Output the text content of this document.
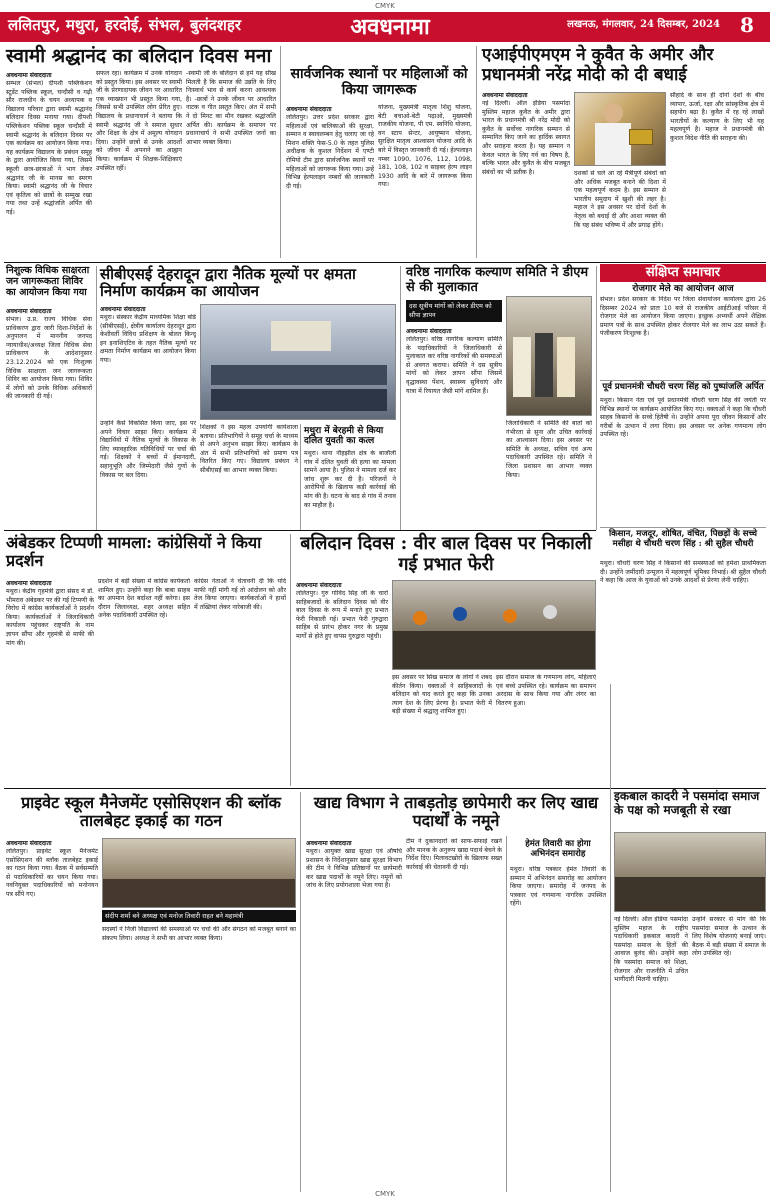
CMYK
ललितपुर, मथुरा, हरदोई, संभल, बुलंदशहर	अवधनामा	लखनऊ, मंगलवार, 24 दिसम्बर, 2024	8
स्वामी श्रद्धानंद का बलिदान दिवस मना
अवधनामा संवाददाता
सम्भल (संभल) दीपशी पब्लिकेशन स्टूडेंट पब्लिक स्कूल, चन्दौसी व गढ़ी सौर राजधीन के चयन अध्यापक व विद्यालय परिवार द्वारा स्वामी श्रद्धानंद बलिदान दिवस मनाया गया। दीपशी पब्लिकेशन पब्लिक स्कूल चन्दौसी में स्वामी श्रद्धानंद के बलिदान दिवस पर एक कार्यक्रम का आयोजन किया गया। यह कार्यक्रम विद्यालय के प्रबंधन समूह के द्वारा आयोजित किया गया, जिसमें स्कूली छात्र-छात्राओं ने भाग लेकर श्रद्धानंद जी के मानस का स्मरण किया। स्वामी श्रद्धानंद जी के विचार एवं कृतित्व को छात्रों के सम्मुख रखा गया तथा उन्हें श्रद्धांजलि अर्पित की गई।
सफल रहा। कार्यक्रम में उनके योगदान को प्रस्तुत किया। इस अवसर पर स्वामी जी के प्रेरणादायक जीवन पर आधारित एक व्याख्यान भी प्रस्तुत किया गया, जिससे सभी उपस्थित लोग प्रेरित हुए। विद्यालय के प्रधानाचार्य ने बताया कि स्वामी श्रद्धानंद जी ने समाज सुधार और शिक्षा के क्षेत्र में अमूल्य योगदान दिया। उन्होंने छात्रों से उनके आदर्शों को जीवन में अपनाने का आह्वान किया। कार्यक्रम में शिक्षक-शिक्षिकाएं उपस्थित रहीं।
-स्वामी जी के बलिदान से हमें यह सीख मिलती है कि समाज की उन्नति के लिए निःस्वार्थ भाव से कार्य करना आवश्यक है। -छात्रों ने उनके जीवन पर आधारित नाटक व गीत प्रस्तुत किए। अंत में सभी ने दो मिनट का मौन रखकर श्रद्धांजलि अर्पित की। कार्यक्रम के समापन पर प्रधानाचार्य ने सभी उपस्थित जनों का आभार व्यक्त किया।
सार्वजनिक स्थानों पर महिलाओं को किया जागरूक
अवधनामा संवाददाता
ललितपुर। उत्तर प्रदेश सरकार द्वारा महिलाओं एवं बालिकाओं की सुरक्षा, सम्मान व स्वावलम्बन हेतु चलाए जा रहे मिशन शक्ति फेस-5.0 के तहत पुलिस अधीक्षक के कुशल निर्देशन में एण्टी रोमियो टीम द्वारा सार्वजनिक स्थानों पर महिलाओं को जागरूक किया गया। उन्हें विभिन्न हेल्पलाइन नम्बरों की जानकारी दी गई।
योजना, मुख्यमंत्री मातृत्व शिशु योजना, बेटी बचाओ-बेटी पढ़ाओ, मुख्यमंत्री राजकीय योजना, पी एम. स्वनिधि योजना, वन स्टाप सेन्टर, आयुष्मान योजना, सुरक्षित मातृत्व आश्वासन योजना आदि के बारे में विस्तृत जानकारी दी गई। हेल्पलाइन नम्बर 1090, 1076, 112, 1098, 181, 108, 102 व साइबर हेल्प लाइन 1930 आदि के बारे में जागरूक किया गया।
एआईपीएमएम ने कुवैत के अमीर और प्रधानमंत्री नरेंद्र मोदी को दी बधाई
अवधनामा संवाददाता
नई दिल्ली। ऑल इंडिया पसमांदा मुस्लिम महाज कुवैत के अमीर द्वारा भारत के प्रधानमंत्री श्री नरेंद्र मोदी को कुवैत के सर्वोच्च नागरिक सम्मान से सम्मानित किए जाने का हार्दिक स्वागत और सराहना करता है। यह सम्मान न केवल भारत के लिए गर्व का विषय है, बल्कि भारत और कुवैत के बीच मजबूत संबंधों का भी प्रतीक है।	दशकों से चले आ रहे मैत्रीपूर्ण संबंधों को और अधिक मजबूत बनाने की दिशा में एक महत्वपूर्ण कदम है। इस सम्मान से भारतीय समुदाय में खुशी की लहर है। महाज ने इस अवसर पर दोनों देशों के नेतृत्व को बधाई दी और आशा व्यक्त की कि यह संबंध भविष्य में और प्रगाढ़ होंगे।
सौहार्द के साथ ही दोनों देशों के बीच व्यापार, ऊर्जा, रक्षा और सांस्कृतिक क्षेत्र में सहयोग बढ़ा है। कुवैत में रह रहे लाखों भारतीयों के कल्याण के लिए भी यह महत्वपूर्ण है। महाज ने प्रधानमंत्री की कुशल विदेश नीति की सराहना की।
निशुल्क विधिक साक्षरता जन जागरूकता शिविर का आयोजन किया गया
अवधनामा संवाददाता
संभल। उ.प्र. राज्य विधिक सेवा प्राधिकरण द्वारा जारी दिशा-निर्देशों के अनुपालन में माननीय जनपद न्यायाधीश/अध्यक्ष जिला विधिक सेवा प्राधिकरण के आदेशानुसार 23.12.2024 को एक निःशुल्क विधिक साक्षरता जन जागरूकता शिविर का आयोजन किया गया। शिविर में लोगों को उनके विधिक अधिकारों की जानकारी दी गई।
सीबीएसई देहरादून द्वारा नैतिक मूल्यों पर क्षमता निर्माण कार्यक्रम का आयोजन
अवधनामा संवाददाता
मथुरा। संस्कार केंद्रीय माध्यमिक शिक्षा बोर्ड (सीबीएसई), क्षेत्रीय कार्यालय देहरादून द्वारा केशीवर्ती विविध प्रशिक्षण के बोलत किन्दू इन इनाशिएटिव के तहत नैतिक मूल्यों पर क्षमता निर्माण कार्यक्रम का आयोजन किया गया।
उन्होंने कैसे विकसित किया जाए, इस पर अपने विचार साझा किए। कार्यक्रम में विद्यार्थियों में नैतिक मूल्यों के विकास के लिए व्यावहारिक गतिविधियों पर चर्चा की गई। शिक्षकों ने बच्चों में ईमानदारी, सहानुभूति और जिम्मेदारी जैसे गुणों के विकास पर बल दिया।
शिक्षकों ने इस महत्व उपयोगी कार्यशाला बताया। प्रतिभागियों ने समूह चर्चा के माध्यम से अपने अनुभव साझा किए। कार्यक्रम के अंत में सभी प्रतिभागियों को प्रमाण पत्र वितरित किए गए। विद्यालय प्रबंधन ने सीबीएसई का आभार व्यक्त किया।
मथुरा में बेरहमी से किया दलित युवती का कत्ल
मथुरा। थाना नौहझील क्षेत्र के बाजौली गांव में दलित युवती की हत्या का मामला सामने आया है। पुलिस ने मामला दर्ज कर जांच शुरू कर दी है। परिजनों ने आरोपियों के खिलाफ कड़ी कार्रवाई की मांग की है। घटना के बाद से गांव में तनाव का माहौल है।
वरिष्ठ नागरिक कल्याण समिति ने डीएम से की मुलाकात
दस सूत्रीय मांगों को लेकर डीएम को सौंपा ज्ञापन
अवधनामा संवाददाता
ललितपुर। वरिष्ठ नागरिक कल्याण समिति के पदाधिकारियों ने जिलाधिकारी से मुलाकात कर वरिष्ठ नागरिकों की समस्याओं से अवगत कराया। समिति ने दस सूत्रीय मांगों को लेकर ज्ञापन सौंपा जिसमें वृद्धावस्था पेंशन, स्वास्थ्य सुविधाएं और यात्रा में रियायत जैसी मांगें शामिल हैं।
जिलाधिकारी ने समिति की बातों को गंभीरता से सुना और उचित कार्रवाई का आश्वासन दिया। इस अवसर पर समिति के अध्यक्ष, सचिव एवं अन्य पदाधिकारी उपस्थित रहे। समिति ने जिला प्रशासन का आभार व्यक्त किया।
संक्षिप्त समाचार
रोजगार मेले का आयोजन आज
संभल। प्रदेश सरकार के निर्देश पर जिला सेवायोजन कार्यालय द्वारा 26 दिसम्बर 2024 को प्रातः 10 बजे से राजकीय आईटीआई परिसर में रोजगार मेले का आयोजन किया जाएगा। इच्छुक अभ्यर्थी अपने शैक्षिक प्रमाण पत्रों के साथ उपस्थित होकर रोजगार मेले का लाभ उठा सकते हैं। पंजीकरण निःशुल्क है।
पूर्व प्रधानमंत्री चौधरी चरण सिंह को पुष्पांजलि अर्पित
मथुरा। किसान नेता एवं पूर्व प्रधानमंत्री चौधरी चरण सिंह की जयंती पर विभिन्न स्थानों पर कार्यक्रम आयोजित किए गए। वक्ताओं ने कहा कि चौधरी साहब किसानों के सच्चे हितैषी थे। उन्होंने अपना पूरा जीवन किसानों और गरीबों के उत्थान में लगा दिया। इस अवसर पर अनेक गणमान्य लोग उपस्थित रहे।
किसान, मजदूर, शोषित, वंचित, पिछड़ों के सच्चे मसीहा थे चौधरी चरण सिंह : श्री सुहैल चौधरी
मथुरा। चौधरी चरण सिंह ने किसानों की समस्याओं को हमेशा प्राथमिकता दी। उन्होंने जमींदारी उन्मूलन में महत्वपूर्ण भूमिका निभाई। श्री सुहैल चौधरी ने कहा कि आज के युवाओं को उनके आदर्शों से प्रेरणा लेनी चाहिए।
अंबेडकर टिप्पणी मामला: कांग्रेसियों ने किया प्रदर्शन
अवधनामा संवाददाता
मथुरा। केंद्रीय गृहमंत्री द्वारा संसद में डॉ. भीमराव अंबेडकर पर की गई टिप्पणी के विरोध में कांग्रेस कार्यकर्ताओं ने प्रदर्शन किया। कार्यकर्ताओं ने जिलाधिकारी कार्यालय पहुंचकर राष्ट्रपति के नाम ज्ञापन सौंपा और गृहमंत्री से माफी की मांग की।
प्रदर्शन में बड़ी संख्या में कांग्रेस कार्यकर्ता शामिल हुए। उन्होंने कहा कि बाबा साहब का अपमान देश बर्दाश्त नहीं करेगा। इस दौरान जिलाध्यक्ष, शहर अध्यक्ष सहित अनेक पदाधिकारी उपस्थित रहे।
कांग्रेस नेताओं ने चेतावनी दी कि यदि माफी नहीं मांगी गई तो आंदोलन को और तेज किया जाएगा। कार्यकर्ताओं ने हाथों में तख्तियां लेकर नारेबाजी की।
बलिदान दिवस : वीर बाल दिवस पर निकाली गई प्रभात फेरी
अवधनामा संवाददाता
ललितपुर। गुरु गोविंद सिंह जी के चारों साहिबजादों के बलिदान दिवस को वीर बाल दिवस के रूप में मनाते हुए प्रभात फेरी निकाली गई। प्रभात फेरी गुरुद्वारा साहिब से प्रारंभ होकर नगर के प्रमुख मार्गों से होते हुए वापस गुरुद्वारा पहुंची।
इस अवसर पर सिख समाज के लोगों ने शबद कीर्तन किया। वक्ताओं ने साहिबजादों के बलिदान को याद करते हुए कहा कि उनका त्याग देश के लिए प्रेरणा है। प्रभात फेरी में बड़ी संख्या में श्रद्धालु शामिल हुए।
इस दौरान समाज के गणमान्य लोग, महिलाएं एवं बच्चे उपस्थित रहे। कार्यक्रम का समापन अरदास के साथ किया गया और लंगर का वितरण हुआ।
प्राइवेट स्कूल मैनेजमेंट एसोसिएशन की ब्लॉक तालबेहट इकाई का गठन
अवधनामा संवाददाता
ललितपुर। प्राइवेट स्कूल मैनेजमेंट एसोसिएशन की ब्लॉक तालबेहट इकाई का गठन किया गया। बैठक में सर्वसम्मति से पदाधिकारियों का चयन किया गया। नवनियुक्त पदाधिकारियों को मनोनयन पत्र सौंपे गए।
संदीप शर्मा बने अध्यक्ष एवं मनोज तिवारी राहत बने महामंत्री
सदस्यों ने निजी विद्यालयों की समस्याओं पर चर्चा की और संगठन को मजबूत बनाने का संकल्प लिया। अध्यक्ष ने सभी का आभार व्यक्त किया।
खाद्य विभाग ने ताबड़तोड़ छापेमारी कर लिए खाद्य पदार्थों के नमूने
अवधनामा संवाददाता
मथुरा। आयुक्त खाद्य सुरक्षा एवं औषधि प्रशासन के निर्देशानुसार खाद्य सुरक्षा विभाग की टीम ने विभिन्न प्रतिष्ठानों पर छापेमारी कर खाद्य पदार्थों के नमूने लिए। नमूनों को जांच के लिए प्रयोगशाला भेजा गया है।
टीम ने दुकानदारों को साफ-सफाई रखने और मानक के अनुरूप खाद्य पदार्थ बेचने के निर्देश दिए। मिलावटखोरों के खिलाफ सख्त कार्रवाई की चेतावनी दी गई।
हेमंत तिवारी का होगा अभिनंदन समारोह
मथुरा। वरिष्ठ पत्रकार हेमंत तिवारी के सम्मान में अभिनंदन समारोह का आयोजन किया जाएगा। समारोह में जनपद के पत्रकार एवं गणमान्य नागरिक उपस्थित रहेंगे।
इकबाल कादरी ने पसमांदा समाज के पक्ष को मजबूती से रखा
नई दिल्ली। ऑल इंडिया पसमांदा मुस्लिम महाज के राष्ट्रीय पदाधिकारी इकबाल कादरी ने पसमांदा समाज के हितों की आवाज बुलंद की। उन्होंने कहा कि पसमांदा समाज को शिक्षा, रोजगार और राजनीति में उचित भागीदारी मिलनी चाहिए।
उन्होंने सरकार से मांग की कि पसमांदा समाज के उत्थान के लिए विशेष योजनाएं बनाई जाएं। बैठक में बड़ी संख्या में समाज के लोग उपस्थित रहे।
CMYK
